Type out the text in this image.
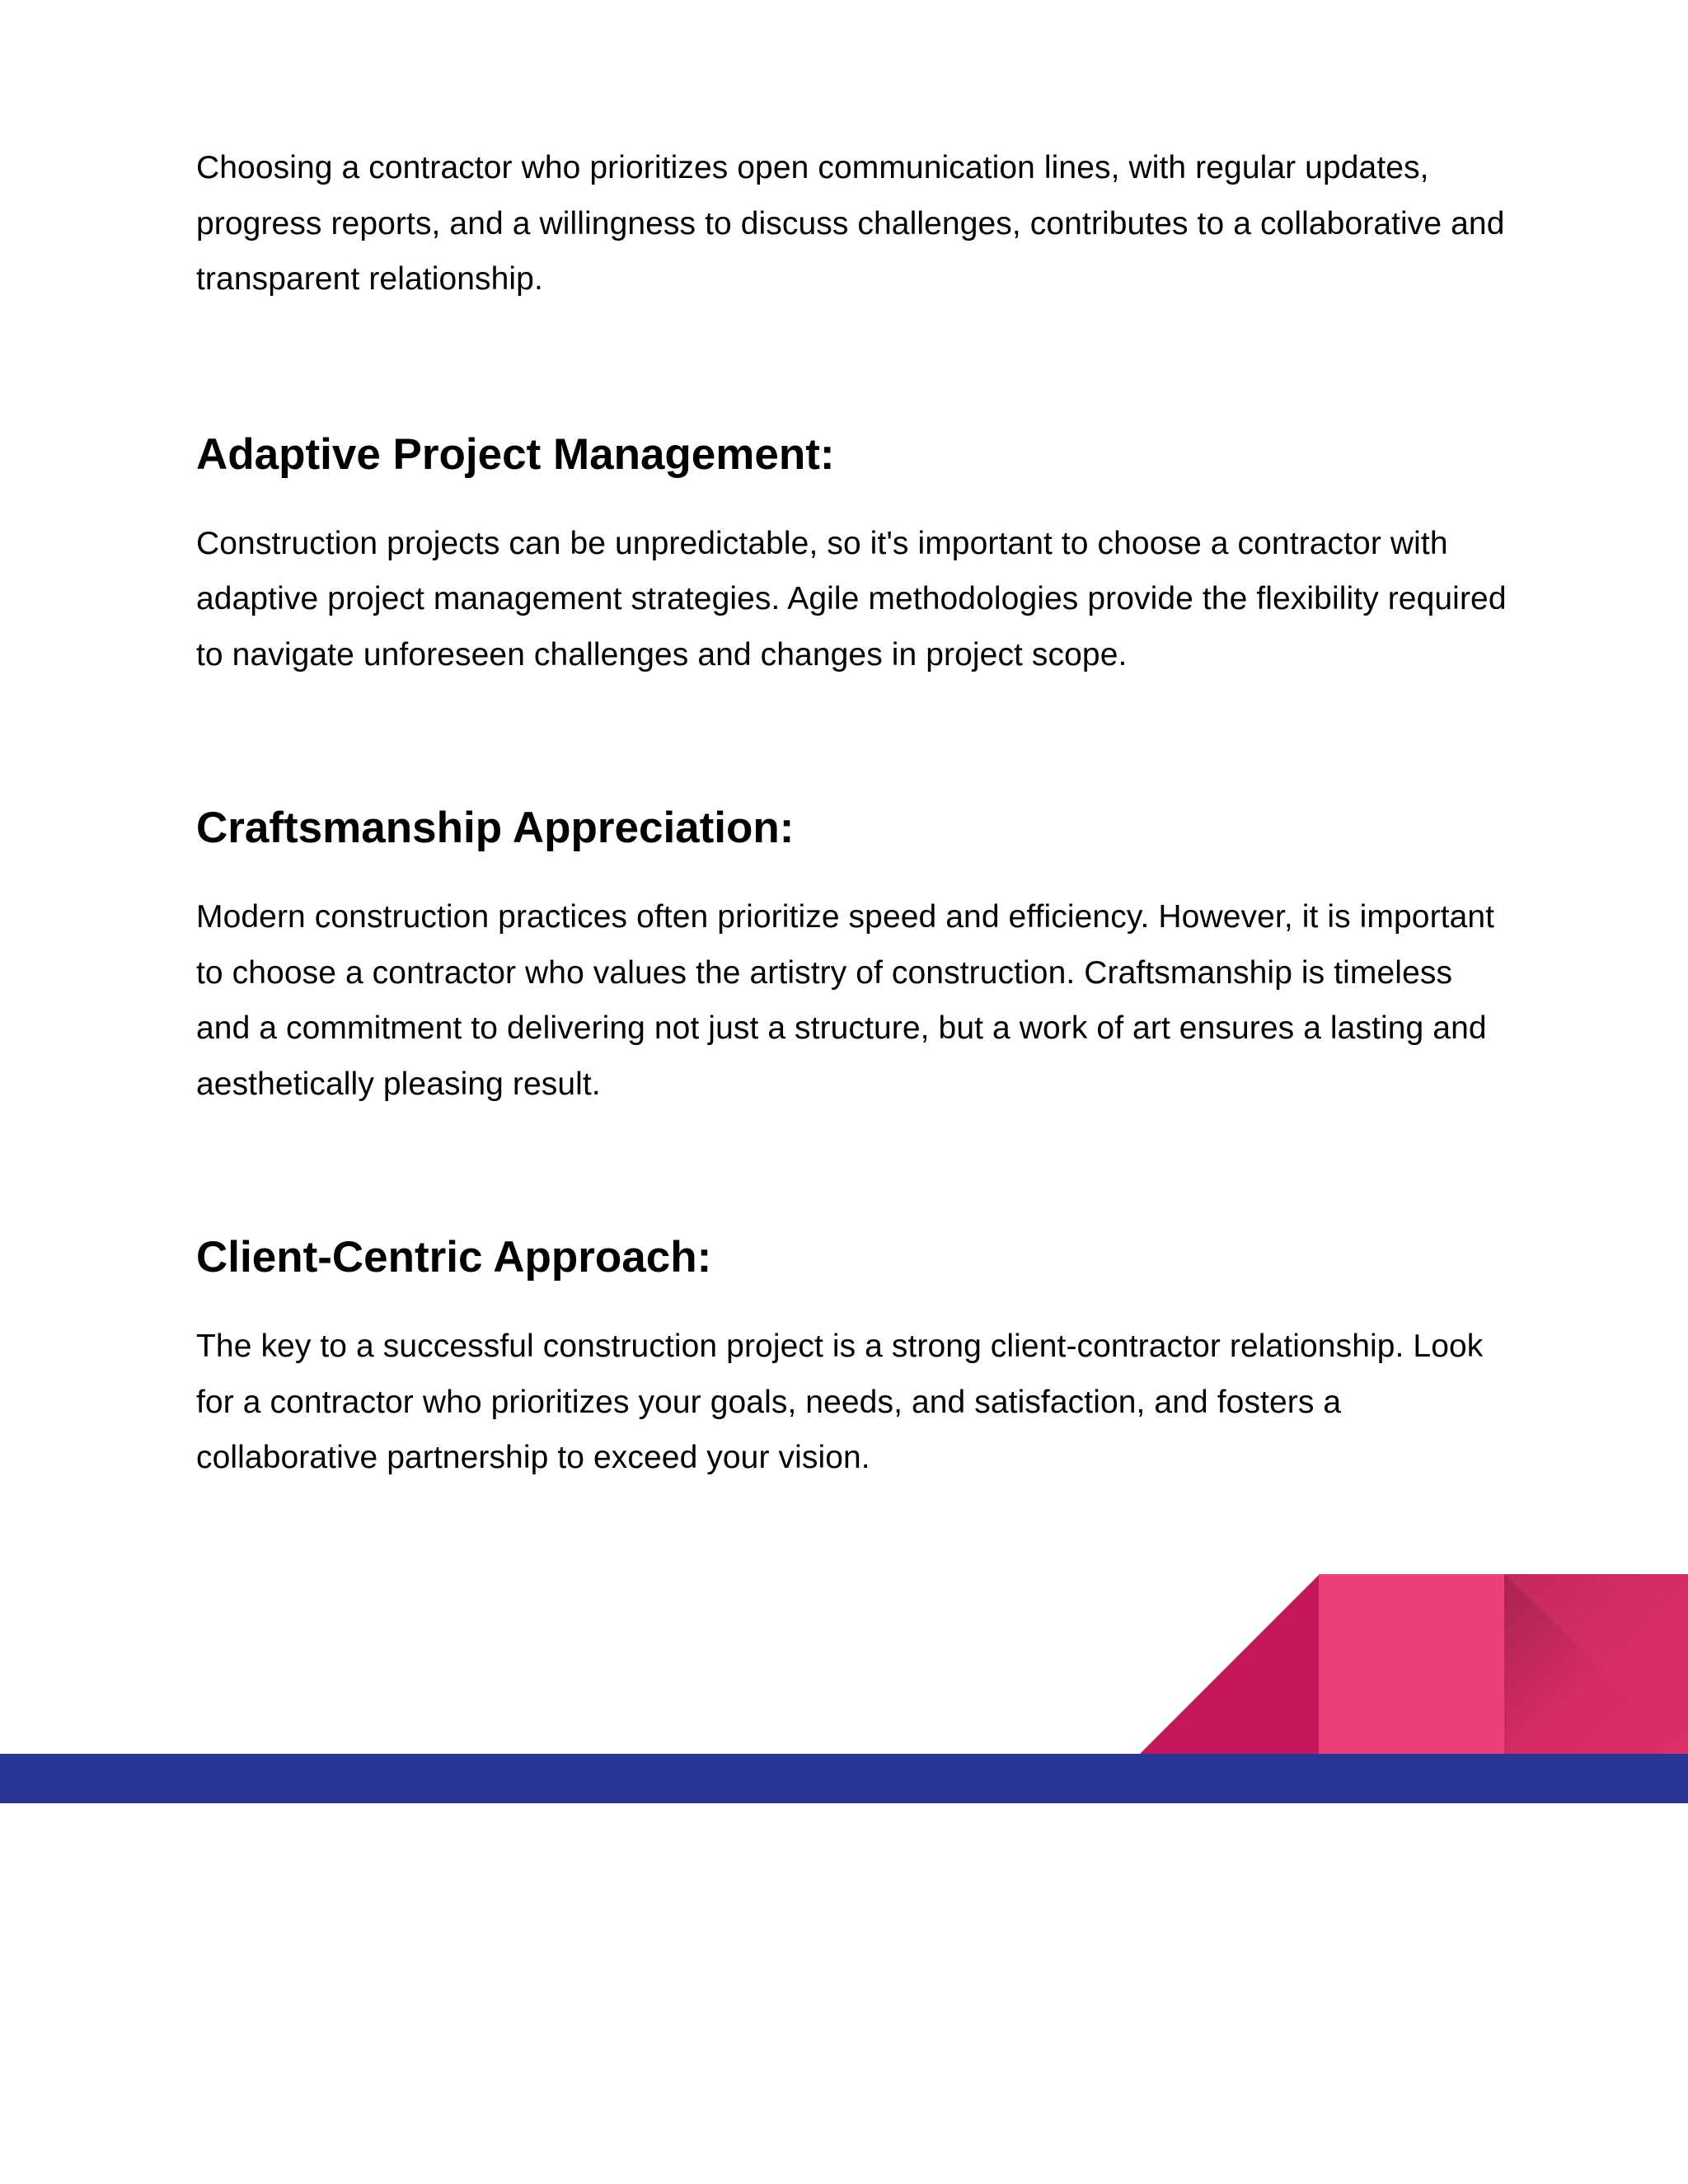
Choosing a contractor who prioritizes open communication lines, with regular updates, progress reports, and a willingness to discuss challenges, contributes to a collaborative and transparent relationship.

Adaptive Project Management:

Construction projects can be unpredictable, so it's important to choose a contractor with adaptive project management strategies. Agile methodologies provide the flexibility required to navigate unforeseen challenges and changes in project scope.

Craftsmanship Appreciation:

Modern construction practices often prioritize speed and efficiency. However, it is important to choose a contractor who values the artistry of construction. Craftsmanship is timeless and a commitment to delivering not just a structure, but a work of art ensures a lasting and aesthetically pleasing result.

Client-Centric Approach:

The key to a successful construction project is a strong client-contractor relationship. Look for a contractor who prioritizes your goals, needs, and satisfaction, and fosters a collaborative partnership to exceed your vision.
